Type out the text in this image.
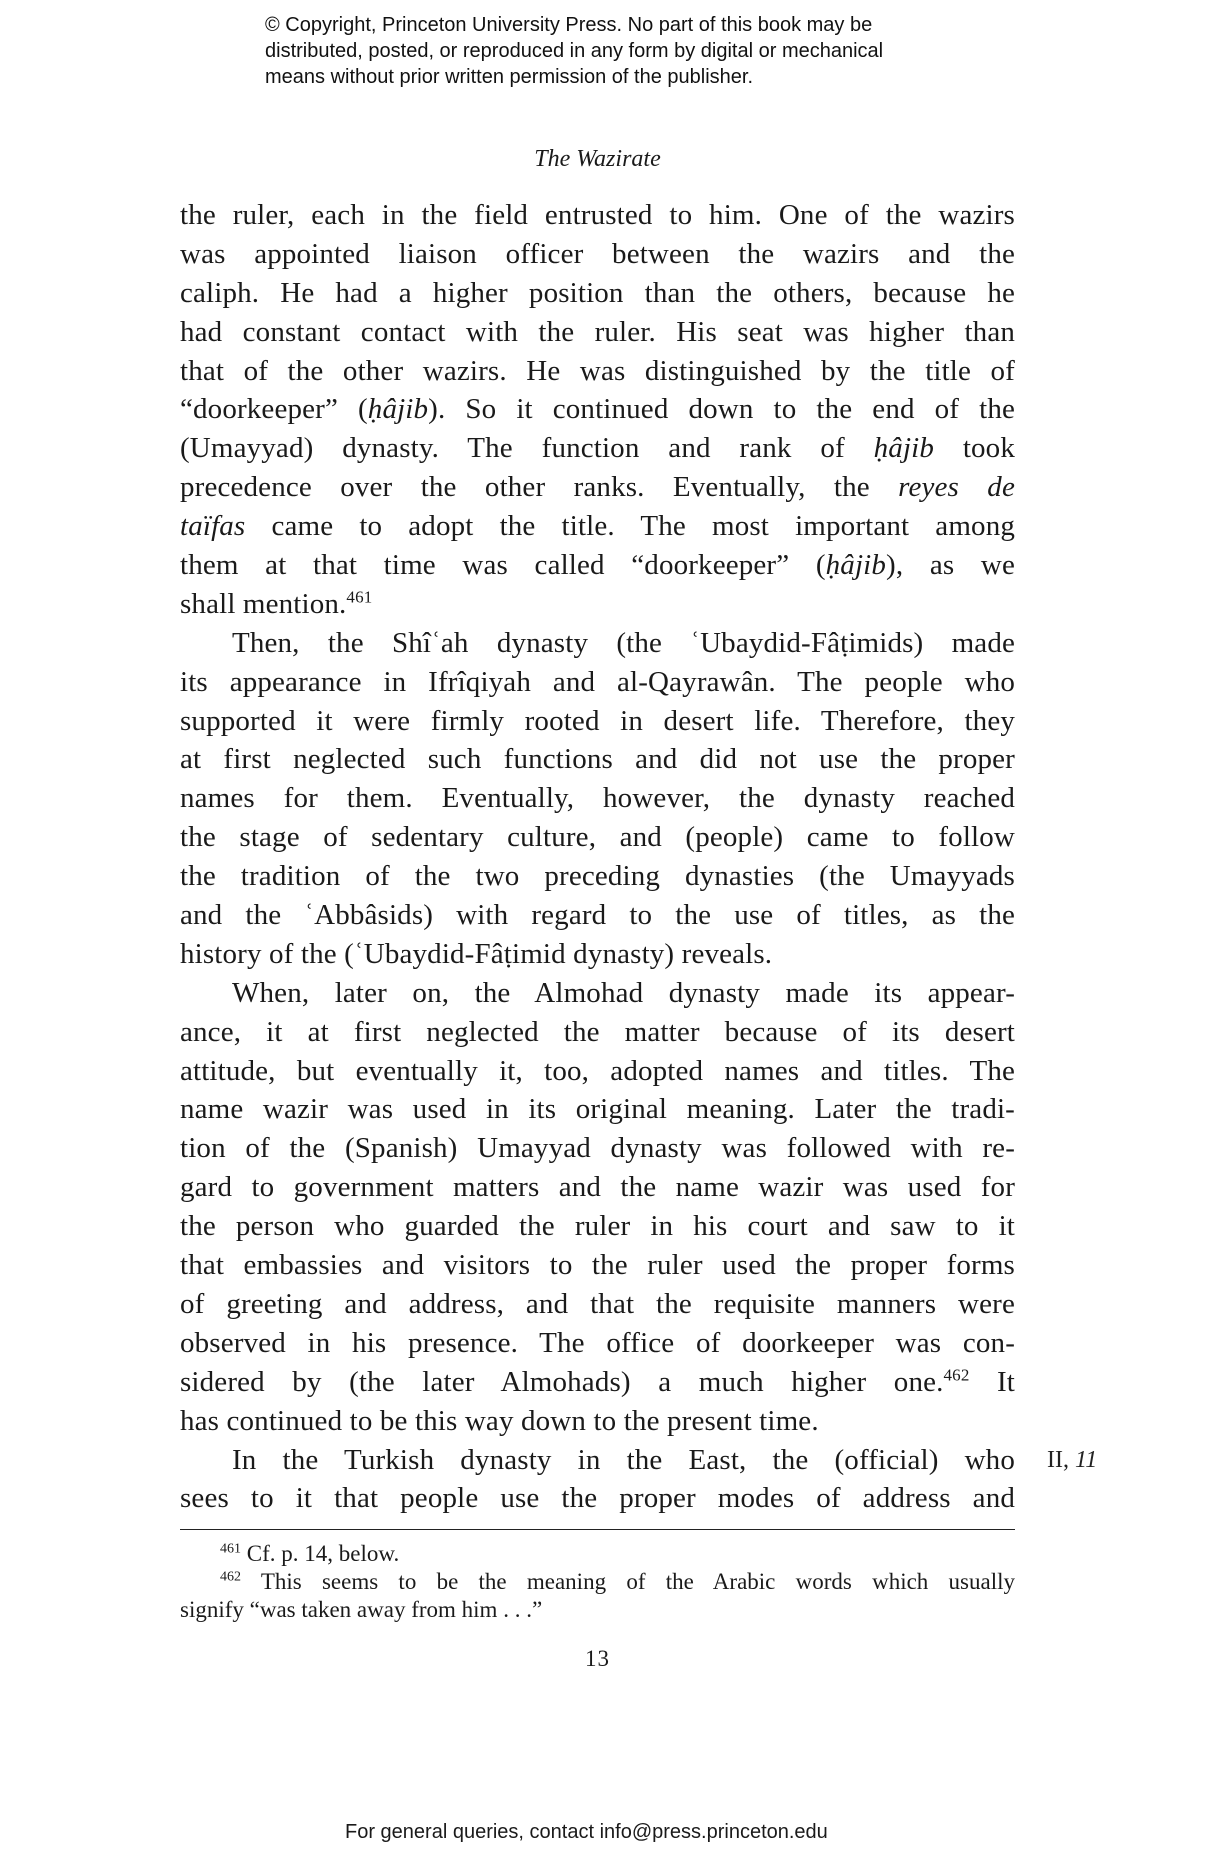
© Copyright, Princeton University Press. No part of this book may be
distributed, posted, or reproduced in any form by digital or mechanical
means without prior written permission of the publisher.
The Wazirate
the ruler, each in the field entrusted to him. One of the wazirs
was appointed liaison officer between the wazirs and the
caliph. He had a higher position than the others, because he
had constant contact with the ruler. His seat was higher than
that of the other wazirs. He was distinguished by the title of
“doorkeeper” (ḥâjib). So it continued down to the end of the
(Umayyad) dynasty. The function and rank of ḥâjib took
precedence over the other ranks. Eventually, the reyes de
taïfas came to adopt the title. The most important among
them at that time was called “doorkeeper” (ḥâjib), as we
shall mention.$^{461}$
Then, the Shîʿah dynasty (the ʿUbaydid-Fâṭimids) made
its appearance in Ifrîqiyah and al-Qayrawân. The people who
supported it were firmly rooted in desert life. Therefore, they
at first neglected such functions and did not use the proper
names for them. Eventually, however, the dynasty reached
the stage of sedentary culture, and (people) came to follow
the tradition of the two preceding dynasties (the Umayyads
and the ʿAbbâsids) with regard to the use of titles, as the
history of the (ʿUbaydid-Fâṭimid dynasty) reveals.
When, later on, the Almohad dynasty made its appear-
ance, it at first neglected the matter because of its desert
attitude, but eventually it, too, adopted names and titles. The
name wazir was used in its original meaning. Later the tradi-
tion of the (Spanish) Umayyad dynasty was followed with re-
gard to government matters and the name wazir was used for
the person who guarded the ruler in his court and saw to it
that embassies and visitors to the ruler used the proper forms
of greeting and address, and that the requisite manners were
observed in his presence. The office of doorkeeper was con-
sidered by (the later Almohads) a much higher one.$^{462}$ It
has continued to be this way down to the present time.
In the Turkish dynasty in the East, the (official) who
sees to it that people use the proper modes of address and
II, 11
$^{461}$ Cf. p. 14, below.
$^{462}$ This seems to be the meaning of the Arabic words which usually
signify “was taken away from him . . .”
13
For general queries, contact info@press.princeton.edu
